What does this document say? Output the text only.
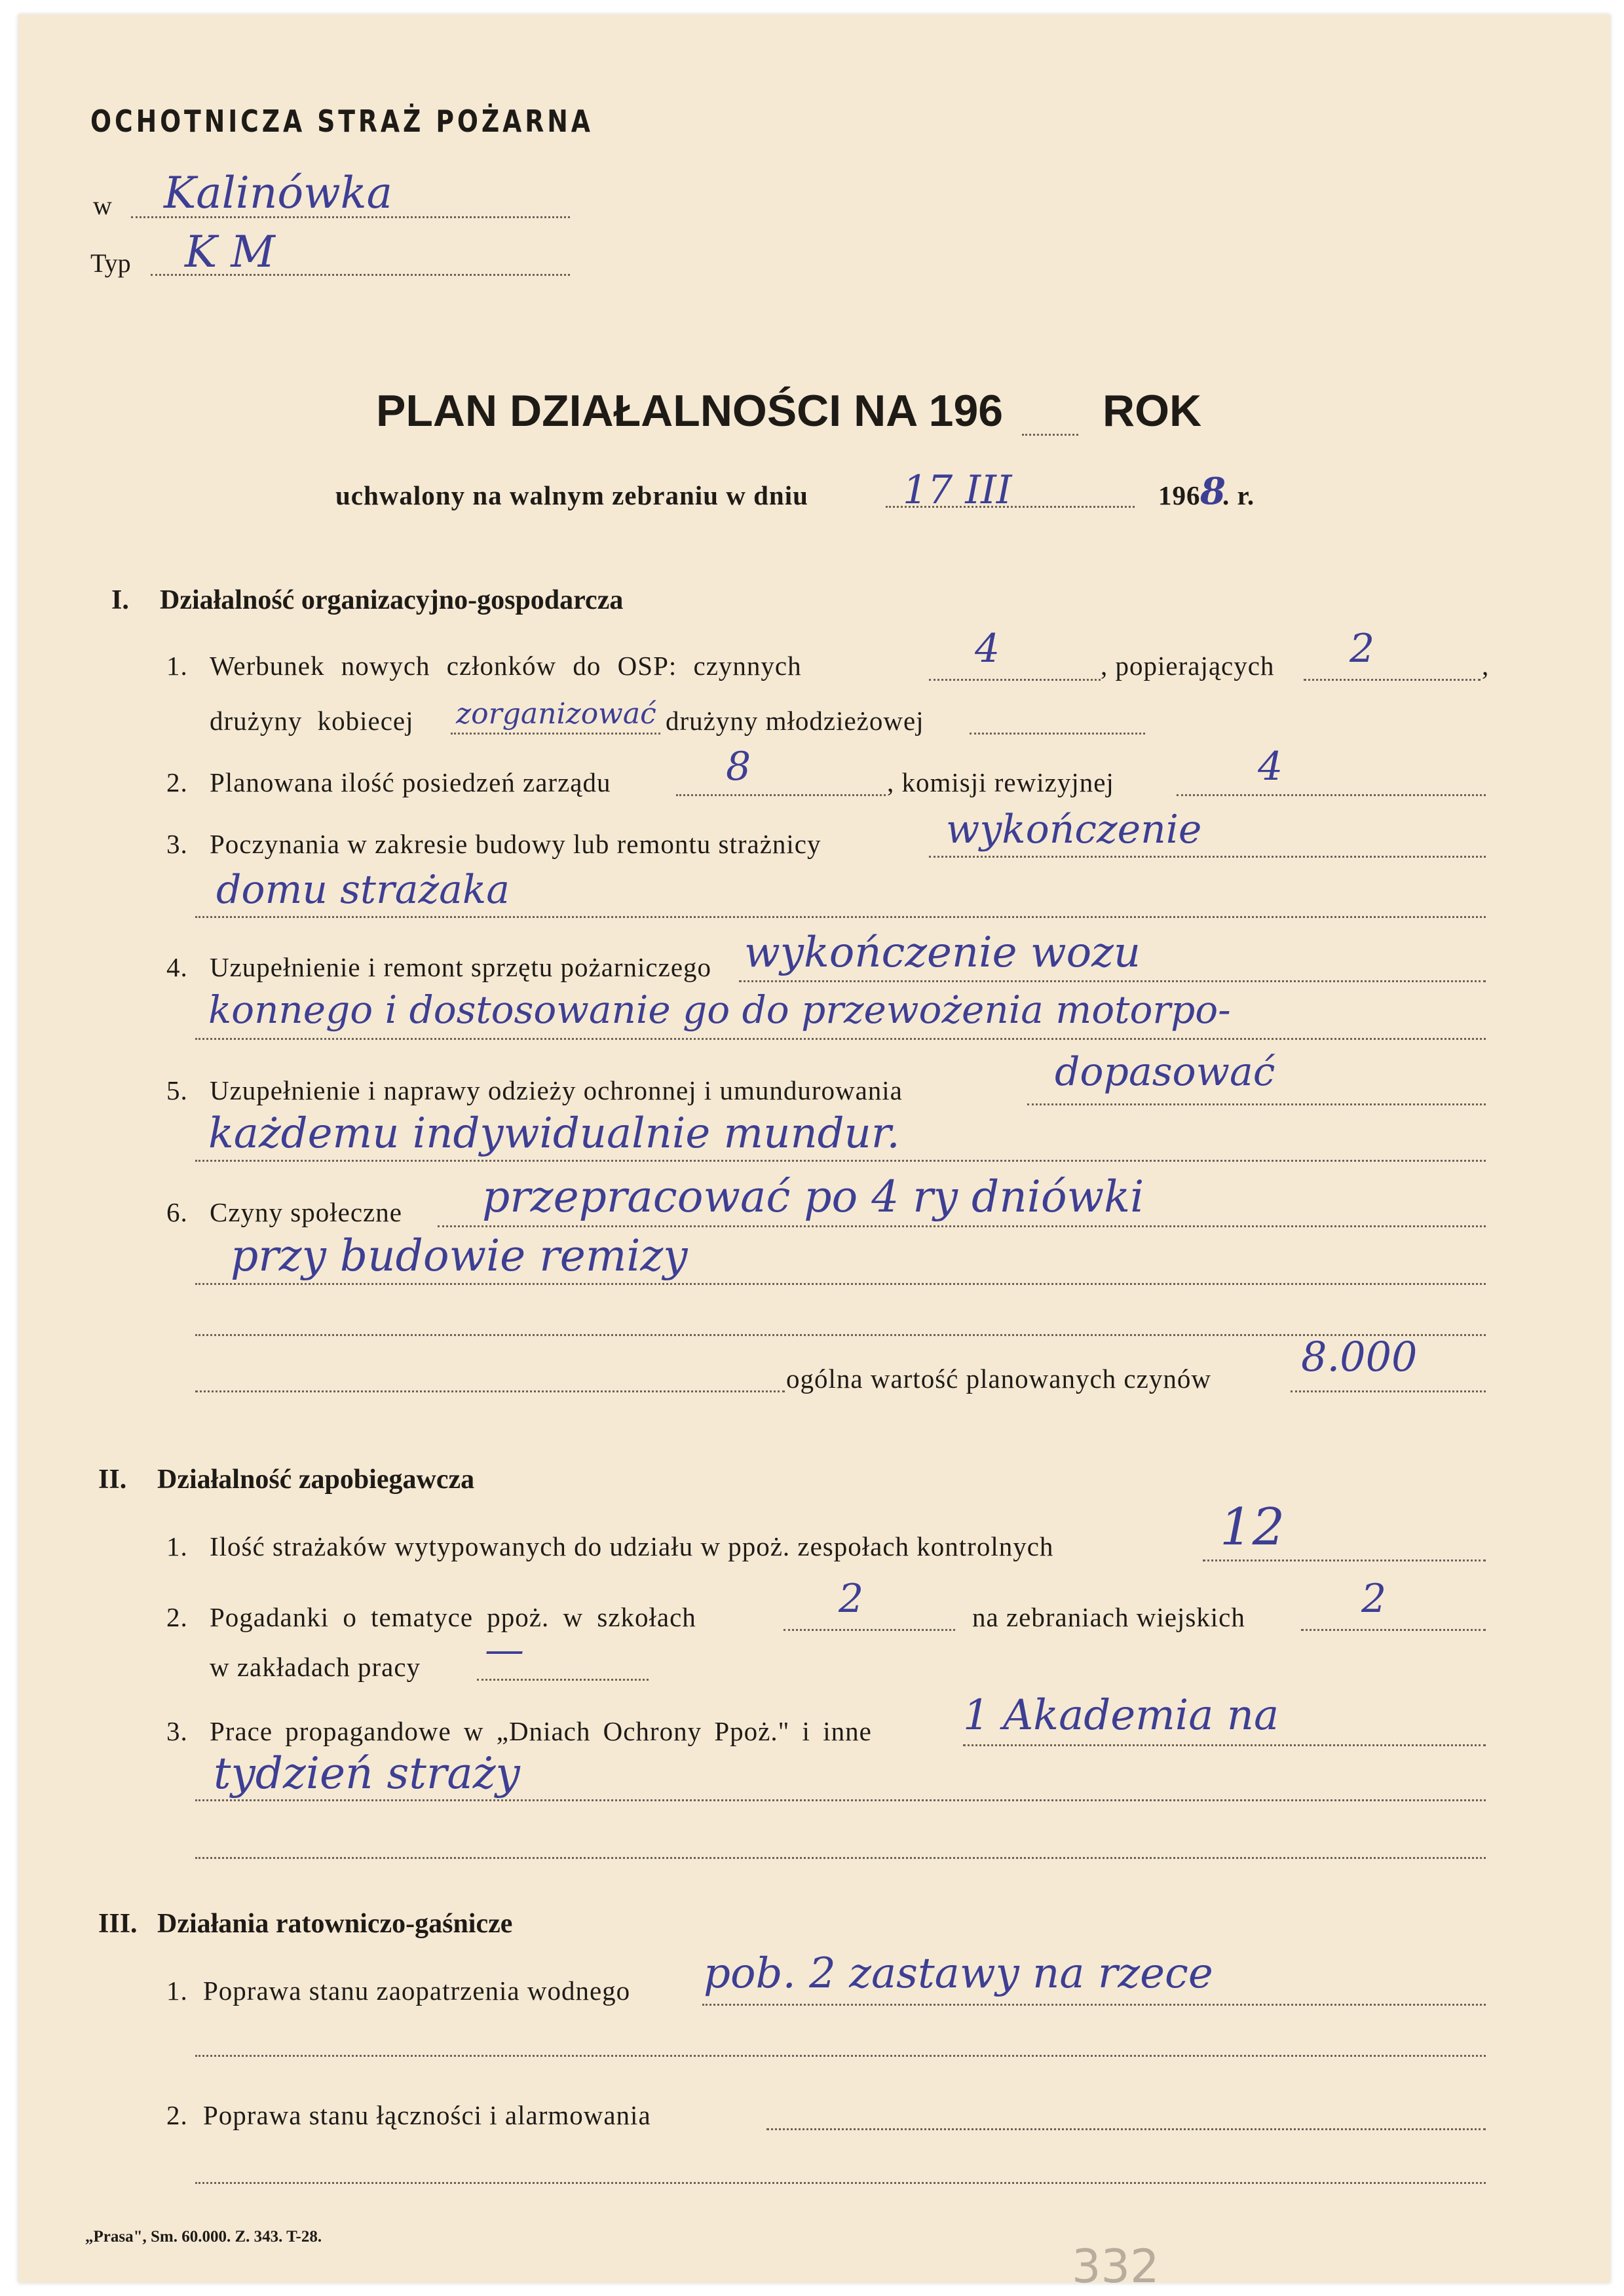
OCHOTNICZA STRAŻ POŻARNA
w Kalinówka
Typ K M
PLAN DZIAŁALNOŚCI NA 196 ROK
uchwalony na walnym zebraniu w dniu 17 III	196 8
. r.
I. Działalność organizacyjno-gospodarcza
1. Werbunek nowych członków do OSP: czynnych	4	, popierających 2	,
drużyny kobiecej zorganizować drużyny młodzieżowej
2. Planowana ilość posiedzeń zarządu	8	, komisji rewizyjnej	4
3. Poczynania w zakresie budowy lub remontu strażnicy	wykończenie
domu strażaka
4. Uzupełnienie i remont sprzętu pożarniczego wykończenie wozu
konnego i dostosowanie go do przewożenia motorpo-
5. Uzupełnienie i naprawy odzieży ochronnej i umundurowania	dopasować
każdemu indywidualnie mundur.
6. Czyny społeczne przepracować po 4 ry dniówki
przy budowie remizy
ogólna wartość planowanych czynów 8.000
II. Działalność zapobiegawcza
1. Ilość strażaków wytypowanych do udziału w ppoż. zespołach kontrolnych	12
2. Pogadanki o tematyce ppoż. w szkołach	2	na zebraniach wiejskich	2
w zakładach pracy —
3. Prace propagandowe w „Dniach Ochrony Ppoż." i inne 1 Akademia na
tydzień straży
III. Działania ratowniczo-gaśnicze
1. Poprawa stanu zaopatrzenia wodnego pob. 2 zastawy na rzece
2. Poprawa stanu łączności i alarmowania
„Prasa", Sm. 60.000. Z. 343. T-28.
332
